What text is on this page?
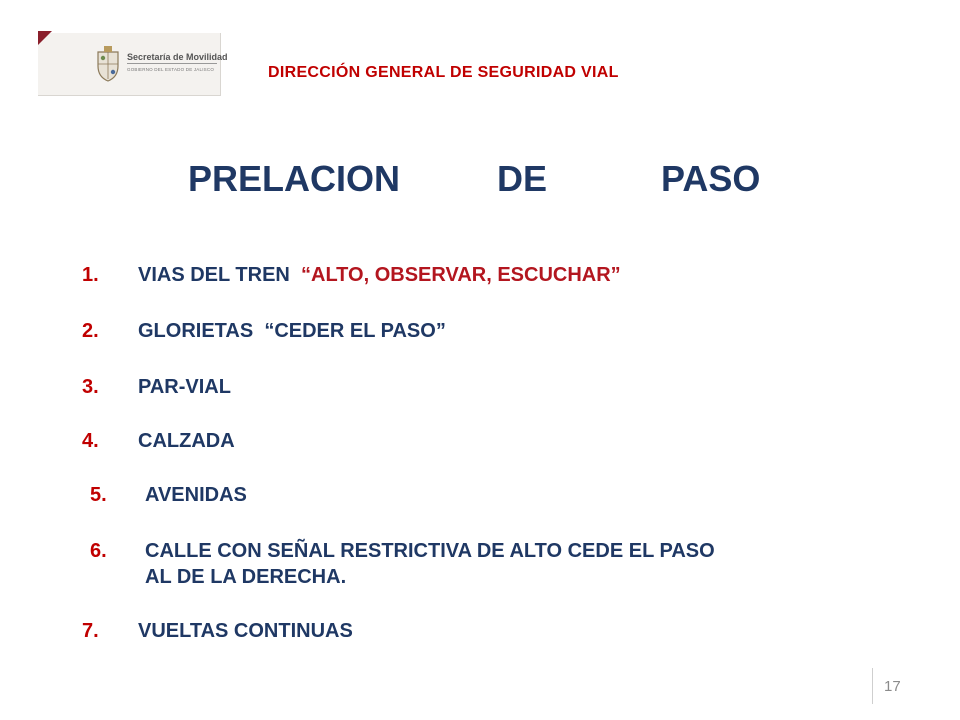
Secretaría de Movilidad
GOBIERNO DEL ESTADO DE JALISCO	DIRECCIÓN GENERAL DE SEGURIDAD VIAL
PRELACION	DE	PASO
1. VIAS DEL TREN “ALTO, OBSERVAR, ESCUCHAR”
2. GLORIETAS “CEDER EL PASO”
3. PAR-VIAL
4. CALZADA
5. AVENIDAS
6. CALLE CON SEÑAL RESTRICTIVA DE ALTO CEDE EL PASO
AL DE LA DERECHA.
7. VUELTAS CONTINUAS
17
